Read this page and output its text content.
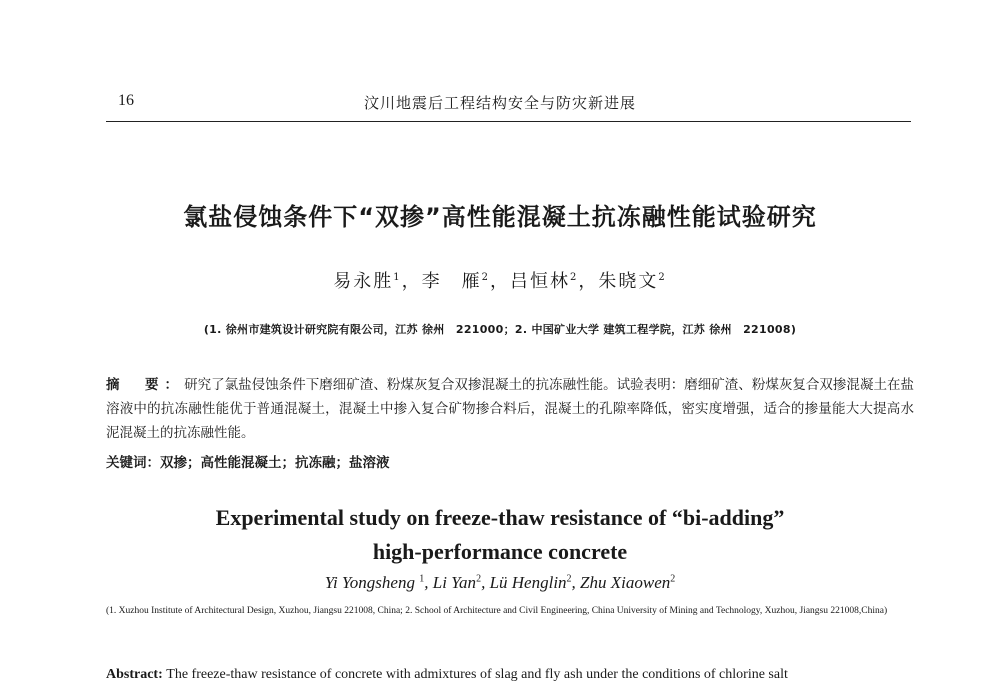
16	汶川地震后工程结构安全与防灾新进展
氯盐侵蚀条件下“双掺”高性能混凝土抗冻融性能试验研究
易永胜$^1$，李　雁$^2$，吕恒林$^2$，朱晓文$^2$
(1. 徐州市建筑设计研究院有限公司，江苏 徐州　221000；2. 中国矿业大学 建筑工程学院，江苏 徐州　221008)
摘　要：研究了氯盐侵蚀条件下磨细矿渣、粉煤灰复合双掺混凝土的抗冻融性能。试验表明：磨细矿渣、粉煤灰复合双掺混凝土在盐溶液中的抗冻融性能优于普通混凝土，混凝土中掺入复合矿物掺合料后，混凝土的孔隙率降低，密实度增强，适合的掺量能大大提高水泥混凝土的抗冻融性能。
关键词：双掺；高性能混凝土；抗冻融；盐溶液
Experimental study on freeze-thaw resistance of “bi-adding”
high-performance concrete
Yi Yongsheng $^1$, Li Yan$^2$, Lü Henglin$^2$, Zhu Xiaowen$^2$
(1. Xuzhou Institute of Architectural Design, Xuzhou, Jiangsu 221008, China; 2. School of Architecture and Civil Engineering, China University of Mining and Technology, Xuzhou, Jiangsu 221008,China)
Abstract: The freeze-thaw resistance of concrete with admixtures of slag and fly ash under the conditions of chlorine salt
